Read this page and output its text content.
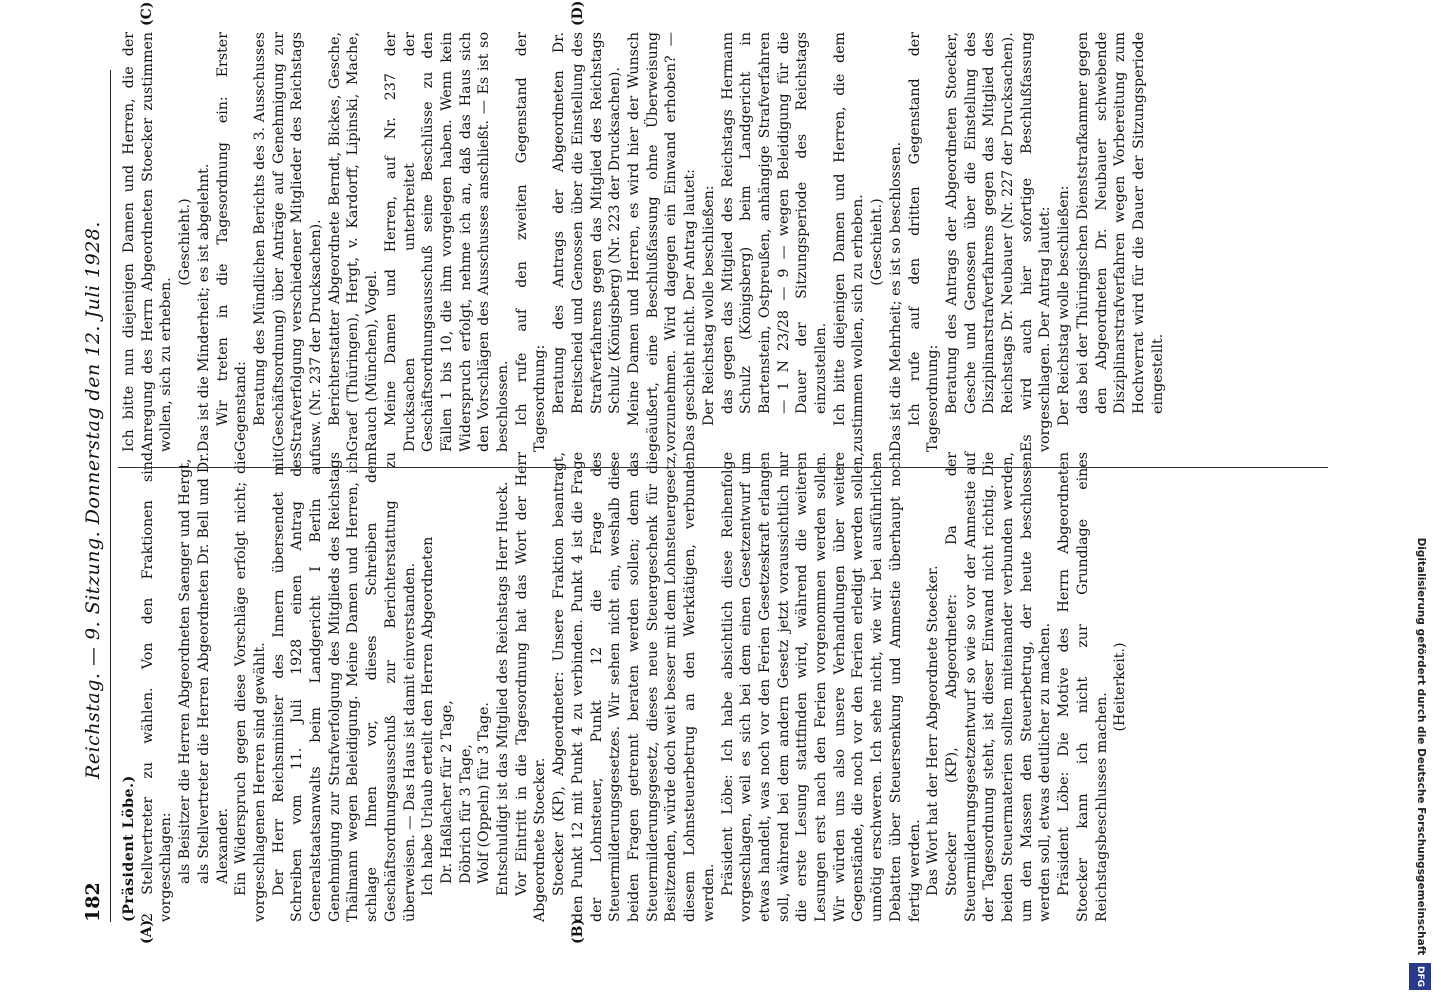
182
Reichstag. — 9. Sitzung. Donnerstag den 12. Juli 1928.
(A)	(B)
(C)	(D)

(Präsident Löbe.) 2 Stellvertreter zu wählen. Von den Fraktionen sind vorgeschlagen: als Beisitzer die Herren Abgeordneten Saenger und Hergt, als Stellvertreter die Herren Abgeordneten Dr. Bell und Dr. Alexander. Ein Widerspruch gegen diese Vorschläge erfolgt nicht; die vorgeschlagenen Herren sind gewählt. Der Herr Reichsminister des Innern übersendet mit Schreiben vom 11. Juli 1928 einen Antrag des Generalstaatsanwalts beim Landgericht I Berlin auf Genehmigung zur Strafverfolgung des Mitglieds des Reichstags Thälmann wegen Beleidigung. Meine Damen und Herren, ich schlage Ihnen vor, dieses Schreiben dem Geschäftsordnungsausschuß zur Berichterstattung zu überweisen. — Das Haus ist damit einverstanden. Ich habe Urlaub erteilt den Herren Abgeordneten Dr. Haßlacher für 2 Tage, Döbrich für 3 Tage, Wolf (Oppeln) für 3 Tage. Entschuldigt ist das Mitglied des Reichstags Herr Hueck. Vor Eintritt in die Tagesordnung hat das Wort der Herr Abgeordnete Stoecker. Stoecker (KP), Abgeordneter: Unsere Fraktion beantragt, den Punkt 12 mit Punkt 4 zu verbinden. Punkt 4 ist die Frage der Lohnsteuer, Punkt 12 die Frage des Steuermilderungsgesetzes. Wir sehen nicht ein, weshalb diese beiden Fragen getrennt beraten werden sollen; denn das Steuermilderungsgesetz, dieses neue Steuergeschenk für die Besitzenden, würde doch weit besser mit dem Lohnsteuergesetz, diesem Lohnsteuerbetrug an den Werktätigen, verbunden werden. Präsident Löbe: Ich habe absichtlich diese Reihenfolge vorgeschlagen, weil es sich bei dem einen Gesetzentwurf um etwas handelt, was noch vor den Ferien Gesetzeskraft erlangen soll, während bei dem andern Gesetz jetzt voraussichtlich nur die erste Lesung stattfinden wird, während die weiteren Lesungen erst nach den Ferien vorgenommen werden sollen. Wir würden uns also unsere Verhandlungen über weitere Gegenstände, die noch vor den Ferien erledigt werden sollen, unnötig erschweren. Ich sehe nicht, wie wir bei ausführlichen Debatten über Steuersenkung und Amnestie überhaupt noch fertig werden. Das Wort hat der Herr Abgeordnete Stoecker. Stoecker (KP), Abgeordneter: Da der Steuermilderungsgesetzentwurf so wie so vor der Amnestie auf der Tagesordnung steht, ist dieser Einwand nicht richtig. Die beiden Steuermaterien sollten miteinander verbunden werden, um den Massen den Steuerbetrug, der heute beschlossen werden soll, etwas deutlicher zu machen. Präsident Löbe: Die Motive des Herrn Abgeordneten Stoecker kann ich nicht zur Grundlage eines Reichstagsbeschlusses machen.

(Heiterkeit.)

Ich bitte nun diejenigen Damen und Herren, die der Anregung des Herrn Abgeordneten Stoecker zustimmen wollen, sich zu erheben.

(Geschieht.) Das ist die Minderheit; es ist abgelehnt. Wir treten in die Tagesordnung ein: Erster Gegenstand: Beratung des Mündlichen Berichts des 3. Ausschusses (Geschäftsordnung) über Anträge auf Genehmigung zur Strafverfolgung verschiedener Mitglieder des Reichstags usw. (Nr. 237 der Drucksachen). Berichterstatter Abgeordnete Berndt, Bickes, Gesche, Graef (Thüringen), Hergt, v. Kardorff, Lipinski, Mache, Rauch (München), Vogel. Meine Damen und Herren, auf Nr. 237 der Drucksachen unterbreitet der Geschäftsordnungsausschuß seine Beschlüsse zu den Fällen 1 bis 10, die ihm vorgelegen haben. Wenn kein Widerspruch erfolgt, nehme ich an, daß das Haus sich den Vorschlägen des Ausschusses anschließt. — Es ist so beschlossen. Ich rufe auf den zweiten Gegenstand der Tagesordnung: Beratung des Antrags der Abgeordneten Dr. Breitscheid und Genossen über die Einstellung des Strafverfahrens gegen das Mitglied des Reichstags Schulz (Königsberg) (Nr. 223 der Drucksachen). Meine Damen und Herren, es wird hier der Wunsch geäußert, eine Beschlußfassung ohne Überweisung vorzunehmen. Wird dagegen ein Einwand erhoben? — Das geschieht nicht. Der Antrag lautet: Der Reichstag wolle beschließen: das gegen das Mitglied des Reichstags Hermann Schulz (Königsberg) beim Landgericht in Bartenstein, Ostpreußen, anhängige Strafverfahren — 1 N 23/28 — 9 — wegen Beleidigung für die Dauer der Sitzungsperiode des Reichstags einzustellen. Ich bitte diejenigen Damen und Herren, die dem zustimmen wollen, sich zu erheben. (Geschieht.) Das ist die Mehrheit; es ist so beschlossen. Ich rufe auf den dritten Gegenstand der Tagesordnung: Beratung des Antrags der Abgeordneten Stoecker, Gesche und Genossen über die Einstellung des Disziplinarstrafverfahrens gegen das Mitglied des Reichstags Dr. Neubauer (Nr. 227 der Drucksachen). Es wird auch hier sofortige Beschlußfassung vorgeschlagen. Der Antrag lautet: Der Reichstag wolle beschließen: das bei der Thüringischen Dienststrafkammer gegen den Abgeordneten Dr. Neubauer schwebende Disziplinarstrafverfahren wegen Vorbereitung zum Hochverrat wird für die Dauer der Sitzungsperiode eingestellt.

Digitalisierung gefördert durch die Deutsche Forschungsgemeinschaft DFG
